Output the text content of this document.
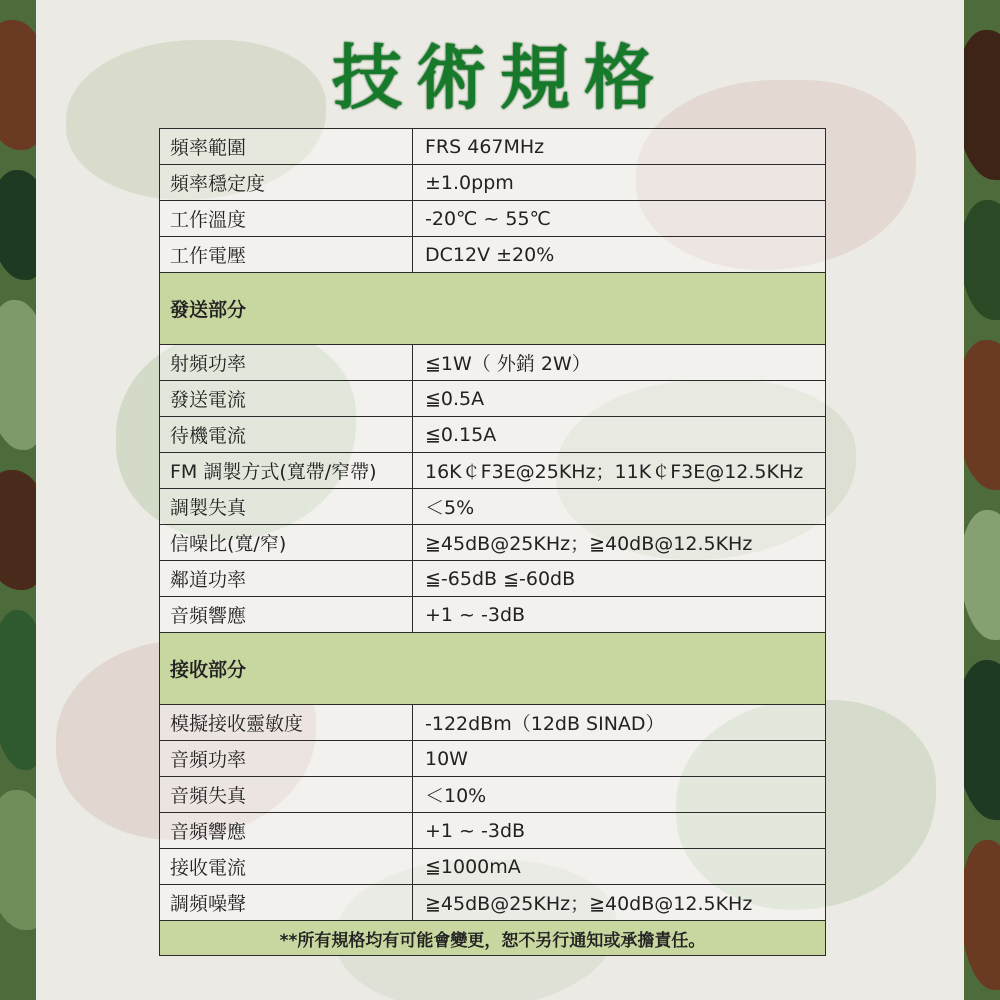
技術規格
頻率範圍	FRS 467MHz
頻率穩定度	±1.0ppm
工作溫度	-20℃ ~ 55℃
工作電壓	DC12V ±20%
發送部分	
射頻功率	≦1W（ 外銷 2W）
發送電流	≦0.5A
待機電流	≦0.15A
FM 調製方式(寬帶/窄帶)	16K￠F3E@25KHz；11K￠F3E@12.5KHz
調製失真	＜5%
信噪比(寬/窄)	≧45dB@25KHz；≧40dB@12.5KHz
鄰道功率	≦-65dB ≦-60dB
音頻響應	+1 ~ -3dB
接收部分	
模擬接收靈敏度	-122dBm（12dB SINAD）
音頻功率	10W
音頻失真	＜10%
音頻響應	+1 ~ -3dB
接收電流	≦1000mA
調頻噪聲	≧45dB@25KHz；≧40dB@12.5KHz
**所有規格均有可能會變更，恕不另行通知或承擔責任。	
